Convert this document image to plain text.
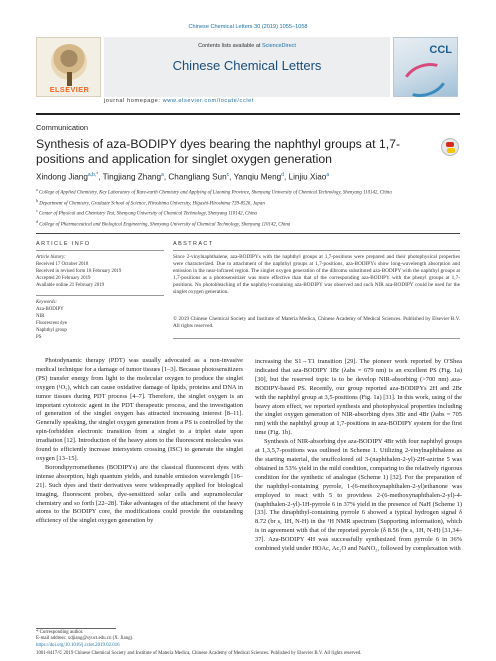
Chinese Chemical Letters 30 (2019) 1055–1058
ELSEVIER
Contents lists available at ScienceDirect
Chinese Chemical Letters
journal homepage: www.elsevier.com/locate/cclet
CCL
Communication
Synthesis of aza-BODIPY dyes bearing the naphthyl groups at 1,7-positions and application for singlet oxygen generation
Xindong Jiang$^{a,b,*}$, Tingjiang Zhang$^a$, Changliang Sun$^c$, Yanqiu Meng$^d$, Linjiu Xiao$^a$
$^a$ College of Applied Chemistry, Key Laboratory of Rare-earth Chemistry and Applying of Liaoning Province, Shenyang University of Chemical Technology, Shenyang 110142, China
$^b$ Department of Chemistry, Graduate School of Science, Hiroshima University, Higashi-Hiroshima 739-8526, Japan
$^c$ Center of Physical and Chemistry Test, Shenyang University of Chemical Technology, Shenyang 110142, China
$^d$ College of Pharmaceutical and Biological Engineering, Shenyang University of Chemical Technology, Shenyang 110142, China
ARTICLE INFO	ABSTRACT
Article history:
Received 17 October 2018
Received in revised form 18 February 2019
Accepted 20 February 2019
Available online 21 February 2019
Keywords:
Aza-BODIPY
NIR
Fluorescent dye
Naphthyl group
PS
Since 2-vinylnaphthalene, aza-BODIPYs with the naphthyl groups at 1,7-positions were prepared and their photophysical properties were characterized. Due to attachment of the naphthyl groups at 1,7-positions, aza-BODIPYs show long-wavelength absorption and emission in the near-infrared region. The singlet oxygen generation of the dibromo substituted aza-BODIPY with the naphthyl groups at 1,7-positions as a photosensitizer was more effective than that of the corresponding aza-BODIPY with the phenyl groups at 1,7-positions. No photobleaching of the naphthyl-containing aza-BODIPY was observed and such NIR aza-BODIPY could be used for the singlet oxygen generation.
© 2019 Chinese Chemical Society and Institute of Materia Medica, Chinese Academy of Medical Sciences. Published by Elsevier B.V. All rights reserved.

Photodynamic therapy (PDT) was usually advocated as a non-invasive medical technique for a damage of tumor tissues [1–3]. Because photosensitizers (PS) transfer energy from light to the molecular oxygen to produce the singlet oxygen (¹O₂), which can cause oxidative damage of lipids, proteins and DNA in tumor tissues during PDT process [4–7]. Therefore, the singlet oxygen is an important cytotoxic agent in the PDT therapeutic process, and the investigation of generation of the singlet oxygen has attracted increasing interest [8–11]. Generally speaking, the singlet oxygen generation from a PS is controlled by the spin-forbidden electronic transition from a singlet to a triplet state upon irradiation [12]. Introduction of the heavy atom to the fluorescent molecules was found to efficiently increase intersystem crossing (ISC) to generate the singlet oxygen [13–15].

Borondipyrromethenes (BODIPYs) are the classical fluorescent dyes with intense absorption, high quantum yields, and tunable emission wavelength [16–21]. Such dyes and their derivatives were widespreadly applied for biological imaging, fluorescent probes, dye-sensitized solar cells and supramolecular chemistry and so forth [22–28]. Take advantages of the attachment of the heavy atoms to the BODIPY core, the modifications could provide the outstanding efficiency of the singlet oxygen generation by

increasing the S1→T1 transition [29]. The pioneer work reported by O'Shea indicated that aza-BODIPY 1Br (λabs = 679 nm) is an excellent PS (Fig. 1a) [30], but the reserved topic is to be develop NIR-absorbing (>700 nm) aza-BODIPY-based PS. Recently, our group reported aza-BODIPYs 2H and 2Br with the naphthyl group at 3,5-positions (Fig. 1a) [31]. In this work, using of the heavy atom effect, we reported synthesis and photophysical properties including the singlet oxygen generation of NIR-absorbing dyes 3Br and 4Br (λabs = 705 nm) with the naphthyl group at 1,7-positions in aza-BODIPY system for the first time (Fig. 1b).

Synthesis of NIR-absorbing dye aza-BODIPY 4Br with four naphthyl groups at 1,3,5,7-positions was outlined in Scheme 1. Utilizing 2-vinylnaphthalene as the starting material, the snuffcolored oil 3-(naphthalen-2-yl)-2H-azirine 5 was obtained in 53% yield in the mild condition, comparing to the relatively rigorous condition for the synthetic of analogue (Scheme 1) [32]. For the preparation of the naphthyl-containing pyrrole, 1-(6-methoxynaphthalen-2-yl)ethanone was employed to react with 5 to providess 2-(6-methoxynaphthalen-2-yl)-4-(naphthalen-2-yl)-1H-pyrrole 6 in 37% yield in the presence of NaH (Scheme 1) [33]. The dinaphthyl-containing pyrrole 6 showed a typical hydrogen signal δ 8.72 (br s, 1H, N-H) in the ¹H NMR spectrum (Supporting information), which is in agreement with that of the reported pyrrole (δ 8.56 (br s, 1H, N-H) [31,34–37]. Aza-BODIPY 4H was successfully synthesized from pyrrole 6 in 36% combined yield under HOAc, Ac₂O and NaNO₂, followed by complexation with

* Corresponding author.
E-mail address: xdjiang@syuct.edu.cn (X. Jiang).
https://doi.org/10.1016/j.cclet.2019.02.016
1001-8417/© 2019 Chinese Chemical Society and Institute of Materia Medica, Chinese Academy of Medical Sciences. Published by Elsevier B.V. All rights reserved.
